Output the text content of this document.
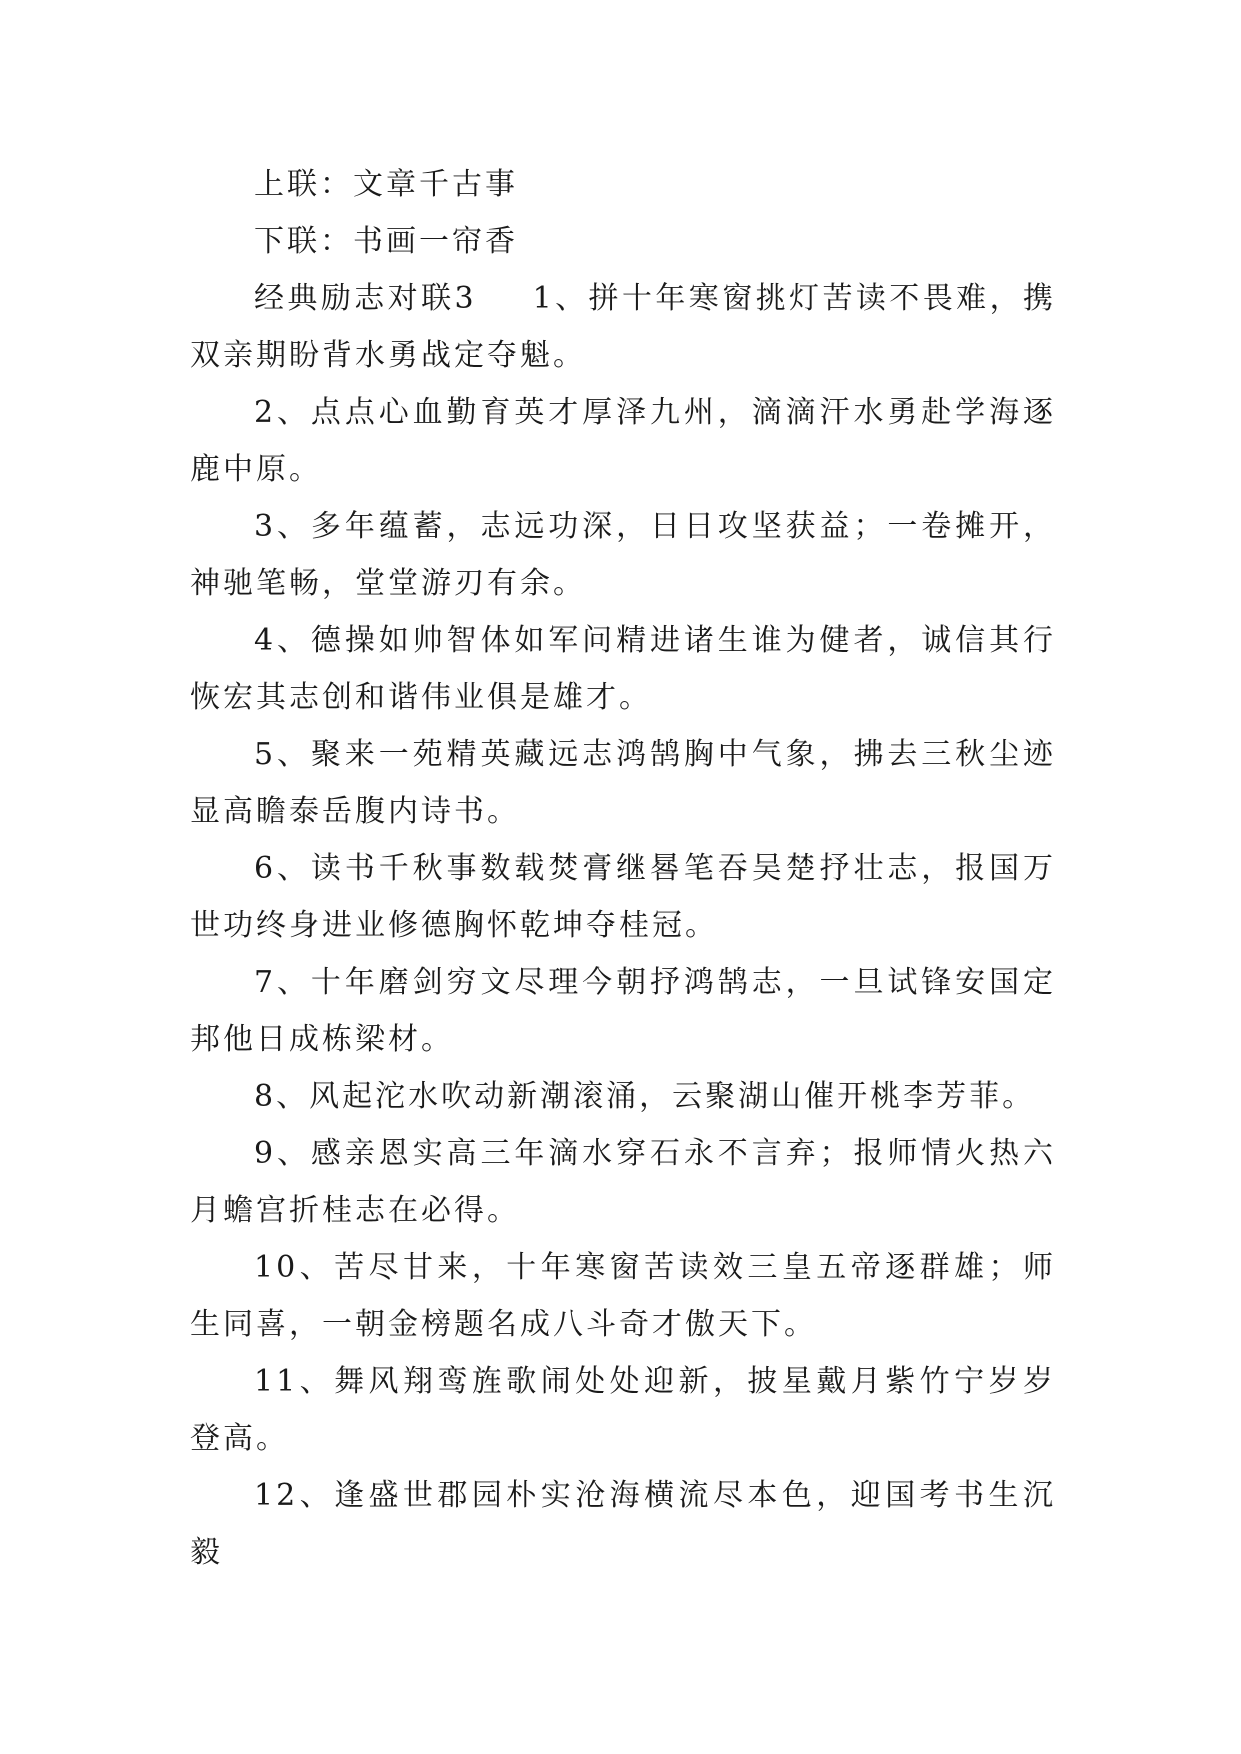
上联：文章千古事

下联：书画一帘香

经典励志对联3 1、拼十年寒窗挑灯苦读不畏难，携双亲期盼背水勇战定夺魁。

2、点点心血勤育英才厚泽九州，滴滴汗水勇赴学海逐鹿中原。

3、多年蕴蓄，志远功深，日日攻坚获益；一卷摊开，神驰笔畅，堂堂游刃有余。

4、德操如帅智体如军问精进诸生谁为健者，诚信其行恢宏其志创和谐伟业俱是雄才。

5、聚来一苑精英藏远志鸿鹄胸中气象，拂去三秋尘迹显高瞻泰岳腹内诗书。

6、读书千秋事数载焚膏继晷笔吞吴楚抒壮志，报国万世功终身进业修德胸怀乾坤夺桂冠。

7、十年磨剑穷文尽理今朝抒鸿鹄志，一旦试锋安国定邦他日成栋梁材。

8、风起沱水吹动新潮滚涌，云聚湖山催开桃李芳菲。

9、感亲恩实高三年滴水穿石永不言弃；报师情火热六月蟾宫折桂志在必得。

10、苦尽甘来，十年寒窗苦读效三皇五帝逐群雄；师生同喜，一朝金榜题名成八斗奇才傲天下。

11、舞风翔鸾旌歌闹处处迎新，披星戴月紫竹宁岁岁登高。

12、逢盛世郡园朴实沧海横流尽本色，迎国考书生沉毅
